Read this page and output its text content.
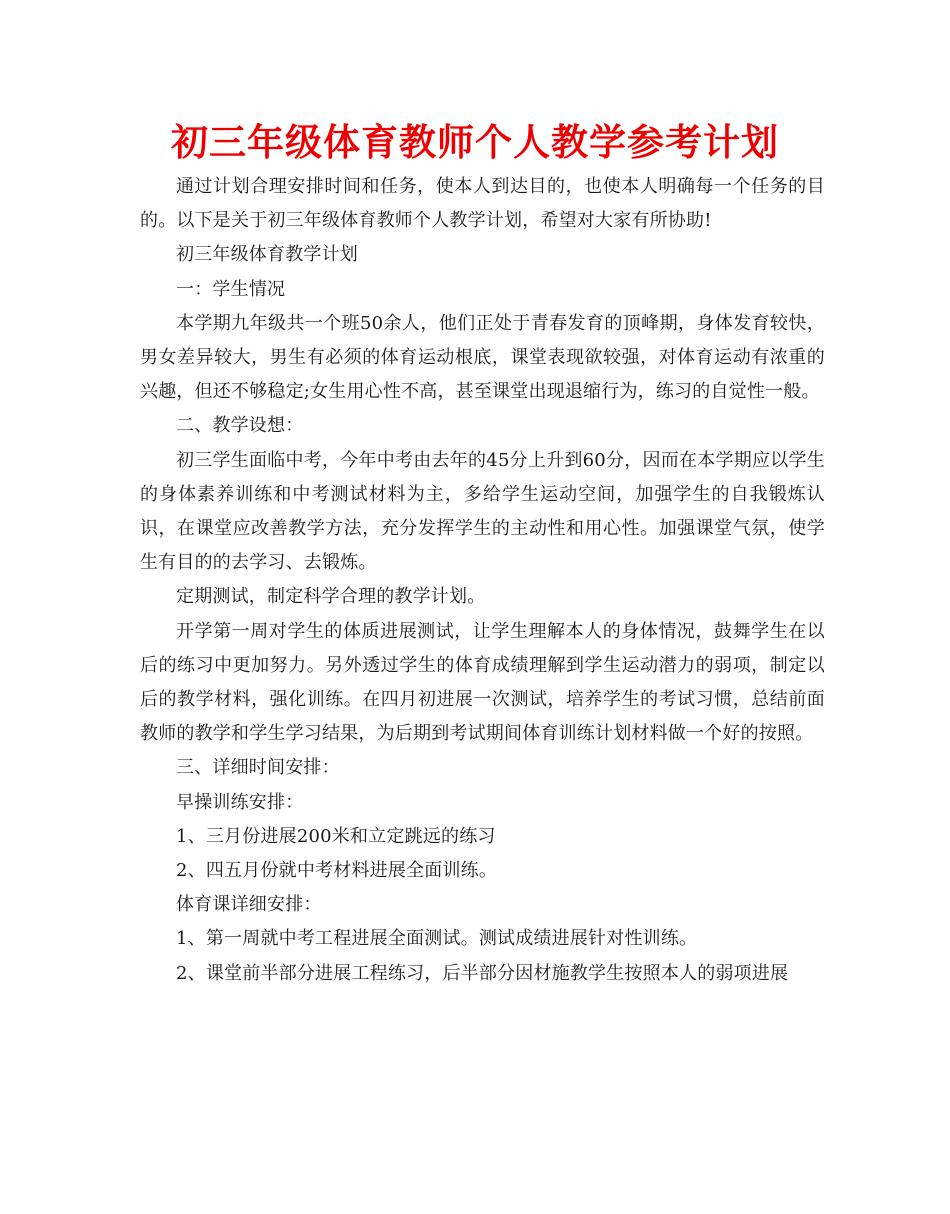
初三年级体育教师个人教学参考计划

通过计划合理安排时间和任务，使本人到达目的，也使本人明确每一个任务的目的。以下是关于初三年级体育教师个人教学计划，希望对大家有所协助!

初三年级体育教学计划

一：学生情况

本学期九年级共一个班50余人，他们正处于青春发育的顶峰期，身体发育较快，男女差异较大，男生有必须的体育运动根底，课堂表现欲较强，对体育运动有浓重的兴趣，但还不够稳定;女生用心性不高，甚至课堂出现退缩行为，练习的自觉性一般。

二、教学设想：

初三学生面临中考，今年中考由去年的45分上升到60分，因而在本学期应以学生的身体素养训练和中考测试材料为主，多给学生运动空间，加强学生的自我锻炼认识，在课堂应改善教学方法，充分发挥学生的主动性和用心性。加强课堂气氛，使学生有目的的去学习、去锻炼。

定期测试，制定科学合理的教学计划。

开学第一周对学生的体质进展测试，让学生理解本人的身体情况，鼓舞学生在以后的练习中更加努力。另外透过学生的体育成绩理解到学生运动潜力的弱项，制定以后的教学材料，强化训练。在四月初进展一次测试，培养学生的考试习惯，总结前面教师的教学和学生学习结果，为后期到考试期间体育训练计划材料做一个好的按照。

三、详细时间安排：

早操训练安排：

1、三月份进展200米和立定跳远的练习

2、四五月份就中考材料进展全面训练。

体育课详细安排：

1、第一周就中考工程进展全面测试。测试成绩进展针对性训练。

2、课堂前半部分进展工程练习，后半部分因材施教学生按照本人的弱项进展
